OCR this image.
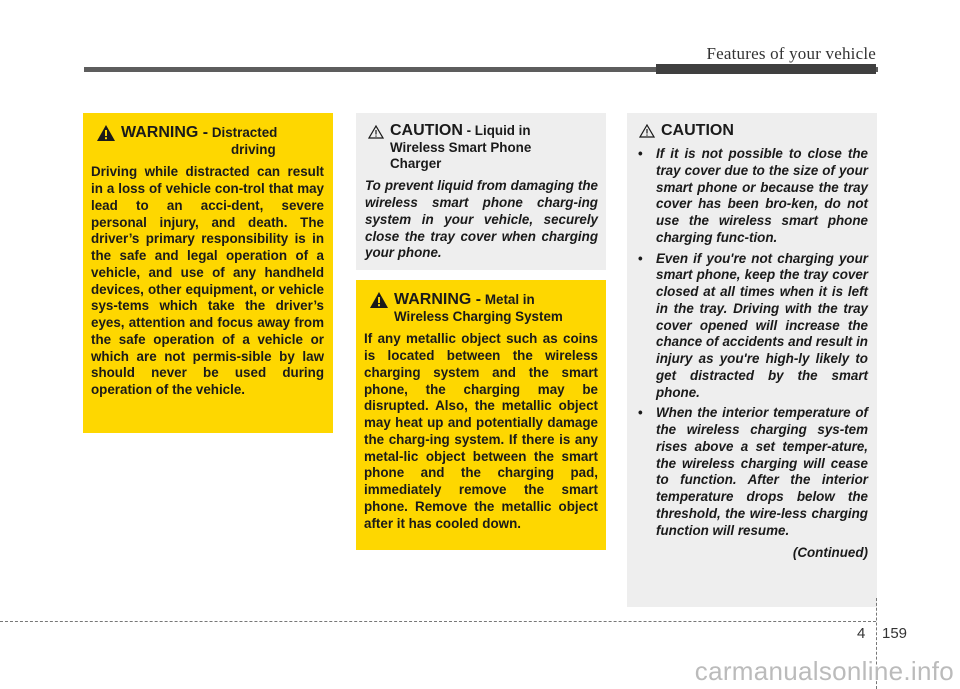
Features of your vehicle
WARNING - Distracted
driving
Driving while distracted can result in a loss of vehicle con-trol that may lead to an acci-dent, severe personal injury, and death. The driver’s primary responsibility is in the safe and legal operation of a vehicle, and use of any handheld devices, other equipment, or vehicle sys-tems which take the driver’s eyes, attention and focus away from the safe operation of a vehicle or which are not permis-sible by law should never be used during operation of the vehicle.
CAUTION - Liquid in
Wireless Smart Phone
Charger
To prevent liquid from damaging the wireless smart phone charg-ing system in your vehicle, securely close the tray cover when charging your phone.
WARNING - Metal in
Wireless Charging System
If any metallic object such as coins is located between the wireless charging system and the smart phone, the charging may be disrupted. Also, the metallic object may heat up and potentially damage the charg-ing system. If there is any metal-lic object between the smart phone and the charging pad, immediately remove the smart phone. Remove the metallic object after it has cooled down.
CAUTION
• If it is not possible to close the tray cover due to the size of your smart phone or because the tray cover has been bro-ken, do not use the wireless smart phone charging func-tion.
• Even if you're not charging your smart phone, keep the tray cover closed at all times when it is left in the tray. Driving with the tray cover opened will increase the chance of accidents and result in injury as you're high-ly likely to get distracted by the smart phone.
• When the interior temperature of the wireless charging sys-tem rises above a set temper-ature, the wireless charging will cease to function. After the interior temperature drops below the threshold, the wire-less charging function will resume.
(Continued)
4 159
carmanualsonline.info
